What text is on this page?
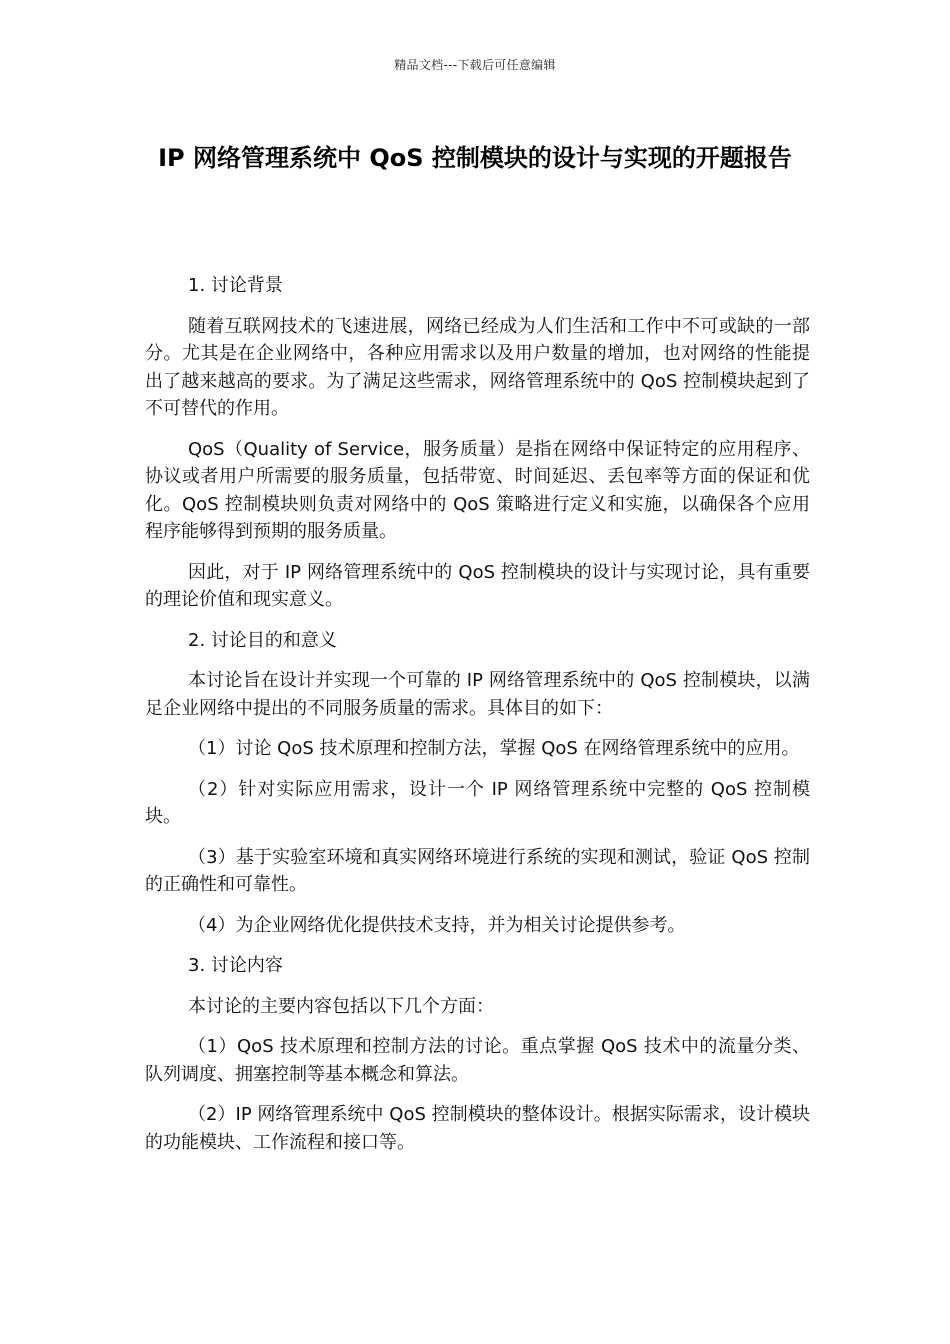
精品文档---下载后可任意编辑
IP 网络管理系统中 QoS 控制模块的设计与实现的开题报告

1. 讨论背景

随着互联网技术的飞速进展，网络已经成为人们生活和工作中不可或缺的一部分。尤其是在企业网络中，各种应用需求以及用户数量的增加，也对网络的性能提出了越来越高的要求。为了满足这些需求，网络管理系统中的 QoS 控制模块起到了不可替代的作用。

QoS（Quality of Service，服务质量）是指在网络中保证特定的应用程序、协议或者用户所需要的服务质量，包括带宽、时间延迟、丢包率等方面的保证和优化。QoS 控制模块则负责对网络中的 QoS 策略进行定义和实施，以确保各个应用程序能够得到预期的服务质量。

因此，对于 IP 网络管理系统中的 QoS 控制模块的设计与实现讨论，具有重要的理论价值和现实意义。

2. 讨论目的和意义

本讨论旨在设计并实现一个可靠的 IP 网络管理系统中的 QoS 控制模块，以满足企业网络中提出的不同服务质量的需求。具体目的如下：

（1）讨论 QoS 技术原理和控制方法，掌握 QoS 在网络管理系统中的应用。

（2）针对实际应用需求，设计一个 IP 网络管理系统中完整的 QoS 控制模块。

（3）基于实验室环境和真实网络环境进行系统的实现和测试，验证 QoS 控制的正确性和可靠性。

（4）为企业网络优化提供技术支持，并为相关讨论提供参考。

3. 讨论内容

本讨论的主要内容包括以下几个方面：

（1）QoS 技术原理和控制方法的讨论。重点掌握 QoS 技术中的流量分类、队列调度、拥塞控制等基本概念和算法。

（2）IP 网络管理系统中 QoS 控制模块的整体设计。根据实际需求，设计模块的功能模块、工作流程和接口等。
